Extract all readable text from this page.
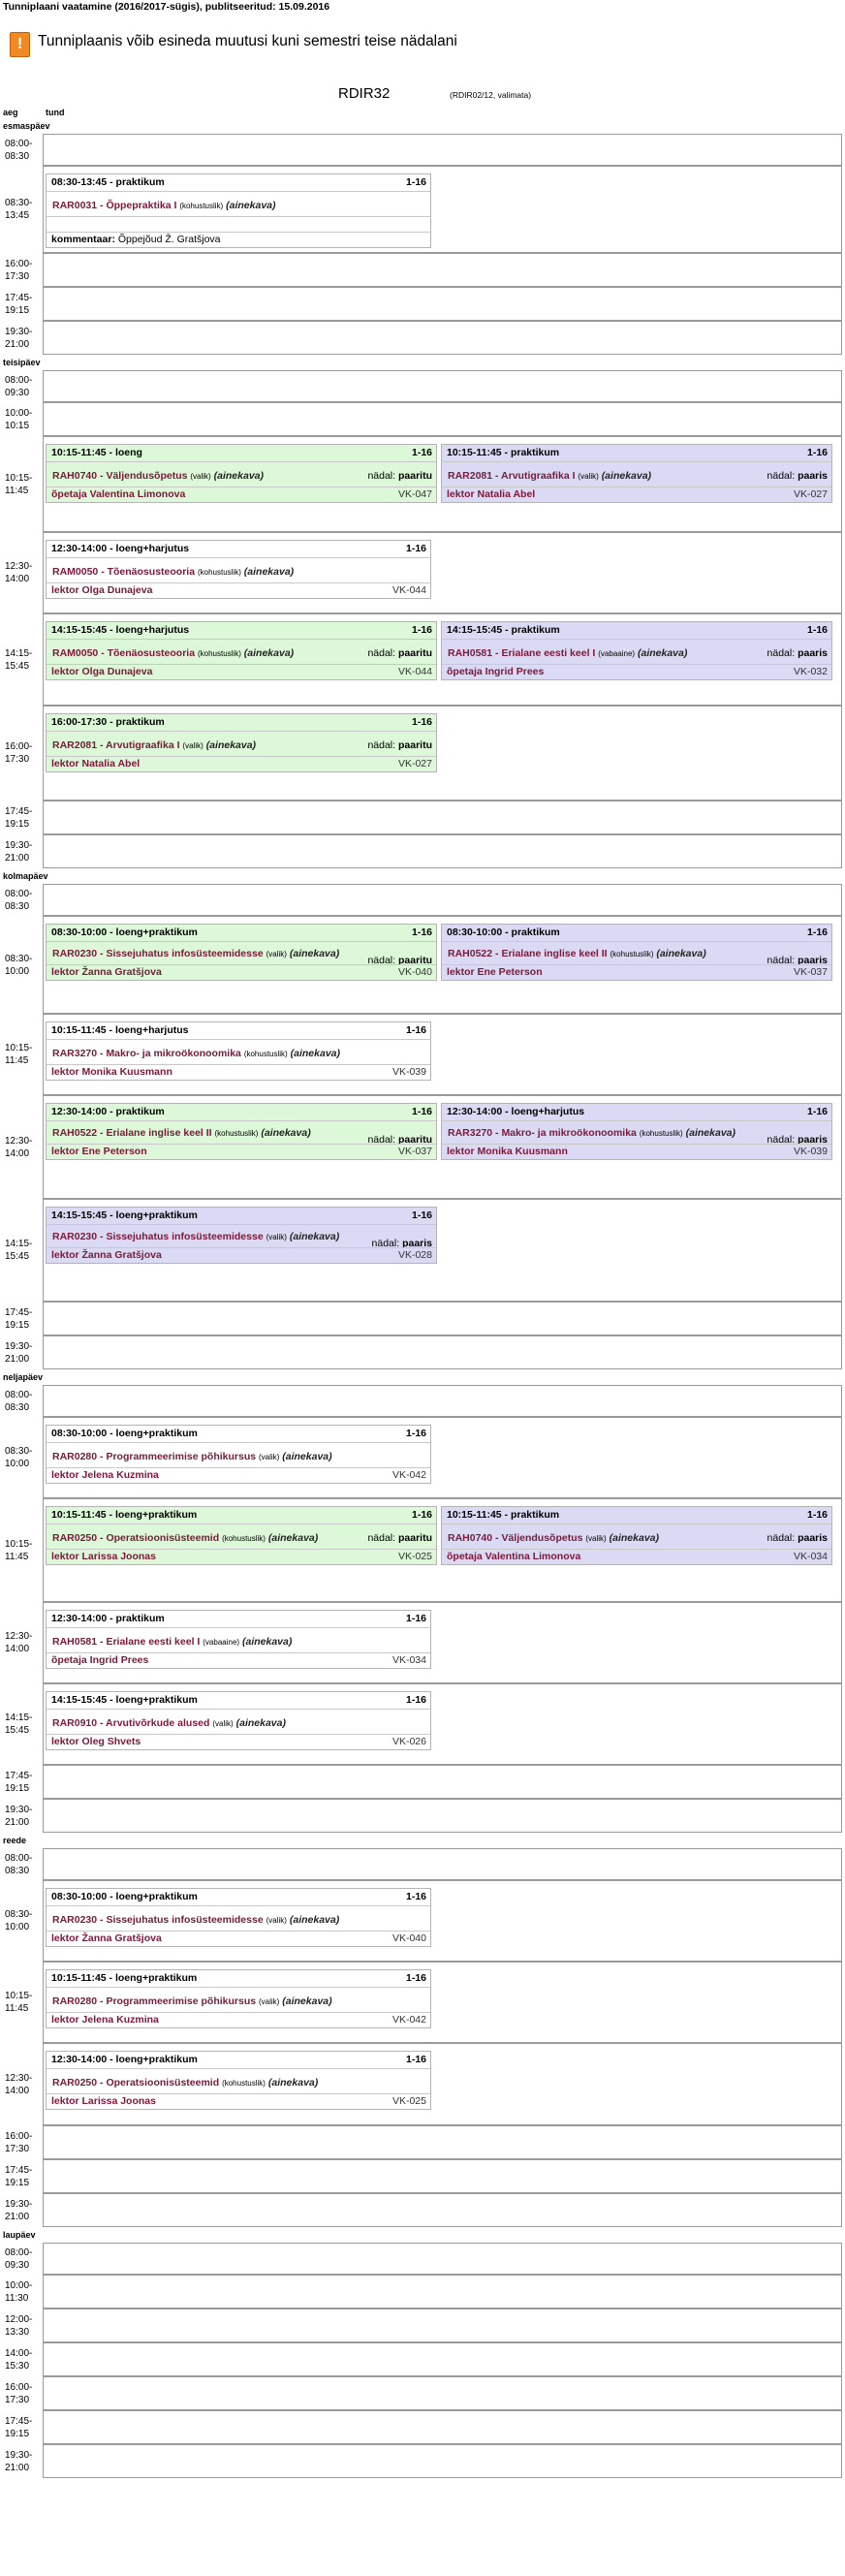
Tunniplaani vaatamine (2016/2017-sügis), publitseeritud: 15.09.2016
!	Tunniplaanis võib esineda muutusi kuni semestri teise nädalani
RDIR32	(RDIR02/12, valimata)
aeg	tund
esmaspäev
08:00-
08:30
08:30-
13:45
08:30-13:45 - praktikum	1-16
RAR0031 - Õppepraktika I (kohustuslik) (ainekava)
kommentaar: Õppejõud Ž. Gratšjova
16:00-
17:30
17:45-
19:15
19:30-
21:00
teisipäev
08:00-
09:30
10:00-
10:15
10:15-
11:45
10:15-11:45 - loeng	1-16
RAH0740 - Väljendusõpetus (valik) (ainekava)	nädal: paaritu
õpetaja Valentina Limonova	VK-047
10:15-11:45 - praktikum	1-16
RAR2081 - Arvutigraafika I (valik) (ainekava)	nädal: paaris
lektor Natalia Abel	VK-027
12:30-
14:00
12:30-14:00 - loeng+harjutus	1-16
RAM0050 - Tõenäosusteooria (kohustuslik) (ainekava)
lektor Olga Dunajeva	VK-044
14:15-
15:45
14:15-15:45 - loeng+harjutus	1-16
RAM0050 - Tõenäosusteooria (kohustuslik) (ainekava)	nädal: paaritu
lektor Olga Dunajeva	VK-044
14:15-15:45 - praktikum	1-16
RAH0581 - Erialane eesti keel I (vabaaine) (ainekava)	nädal: paaris
õpetaja Ingrid Prees	VK-032
16:00-
17:30
16:00-17:30 - praktikum	1-16
RAR2081 - Arvutigraafika I (valik) (ainekava)	nädal: paaritu
lektor Natalia Abel	VK-027
17:45-
19:15
19:30-
21:00
kolmapäev
08:00-
08:30
08:30-
10:00
08:30-10:00 - loeng+praktikum	1-16
RAR0230 - Sissejuhatus infosüsteemidesse (valik) (ainekava)
nädal: paaritu
lektor Žanna Gratšjova	VK-040
08:30-10:00 - praktikum	1-16
RAH0522 - Erialane inglise keel II (kohustuslik) (ainekava)
nädal: paaris
lektor Ene Peterson	VK-037
10:15-
11:45
10:15-11:45 - loeng+harjutus	1-16
RAR3270 - Makro- ja mikroökonoomika (kohustuslik) (ainekava)
lektor Monika Kuusmann	VK-039
12:30-
14:00
12:30-14:00 - praktikum	1-16
RAH0522 - Erialane inglise keel II (kohustuslik) (ainekava)
nädal: paaritu
lektor Ene Peterson	VK-037
12:30-14:00 - loeng+harjutus	1-16
RAR3270 - Makro- ja mikroökonoomika (kohustuslik) (ainekava)
nädal: paaris
lektor Monika Kuusmann	VK-039
14:15-
15:45
14:15-15:45 - loeng+praktikum	1-16
RAR0230 - Sissejuhatus infosüsteemidesse (valik) (ainekava)
nädal: paaris
lektor Žanna Gratšjova	VK-028
17:45-
19:15
19:30-
21:00
neljapäev
08:00-
08:30
08:30-
10:00
08:30-10:00 - loeng+praktikum	1-16
RAR0280 - Programmeerimise põhikursus (valik) (ainekava)
lektor Jelena Kuzmina	VK-042
10:15-
11:45
10:15-11:45 - loeng+praktikum	1-16
RAR0250 - Operatsioonisüsteemid (kohustuslik) (ainekava)	nädal: paaritu
lektor Larissa Joonas	VK-025
10:15-11:45 - praktikum	1-16
RAH0740 - Väljendusõpetus (valik) (ainekava)	nädal: paaris
õpetaja Valentina Limonova	VK-034
12:30-
14:00
12:30-14:00 - praktikum	1-16
RAH0581 - Erialane eesti keel I (vabaaine) (ainekava)
õpetaja Ingrid Prees	VK-034
14:15-
15:45
14:15-15:45 - loeng+praktikum	1-16
RAR0910 - Arvutivõrkude alused (valik) (ainekava)
lektor Oleg Shvets	VK-026
17:45-
19:15
19:30-
21:00
reede
08:00-
08:30
08:30-
10:00
08:30-10:00 - loeng+praktikum	1-16
RAR0230 - Sissejuhatus infosüsteemidesse (valik) (ainekava)
lektor Žanna Gratšjova	VK-040
10:15-
11:45
10:15-11:45 - loeng+praktikum	1-16
RAR0280 - Programmeerimise põhikursus (valik) (ainekava)
lektor Jelena Kuzmina	VK-042
12:30-
14:00
12:30-14:00 - loeng+praktikum	1-16
RAR0250 - Operatsioonisüsteemid (kohustuslik) (ainekava)
lektor Larissa Joonas	VK-025
16:00-
17:30
17:45-
19:15
19:30-
21:00
laupäev
08:00-
09:30
10:00-
11:30
12:00-
13:30
14:00-
15:30
16:00-
17:30
17:45-
19:15
19:30-
21:00
